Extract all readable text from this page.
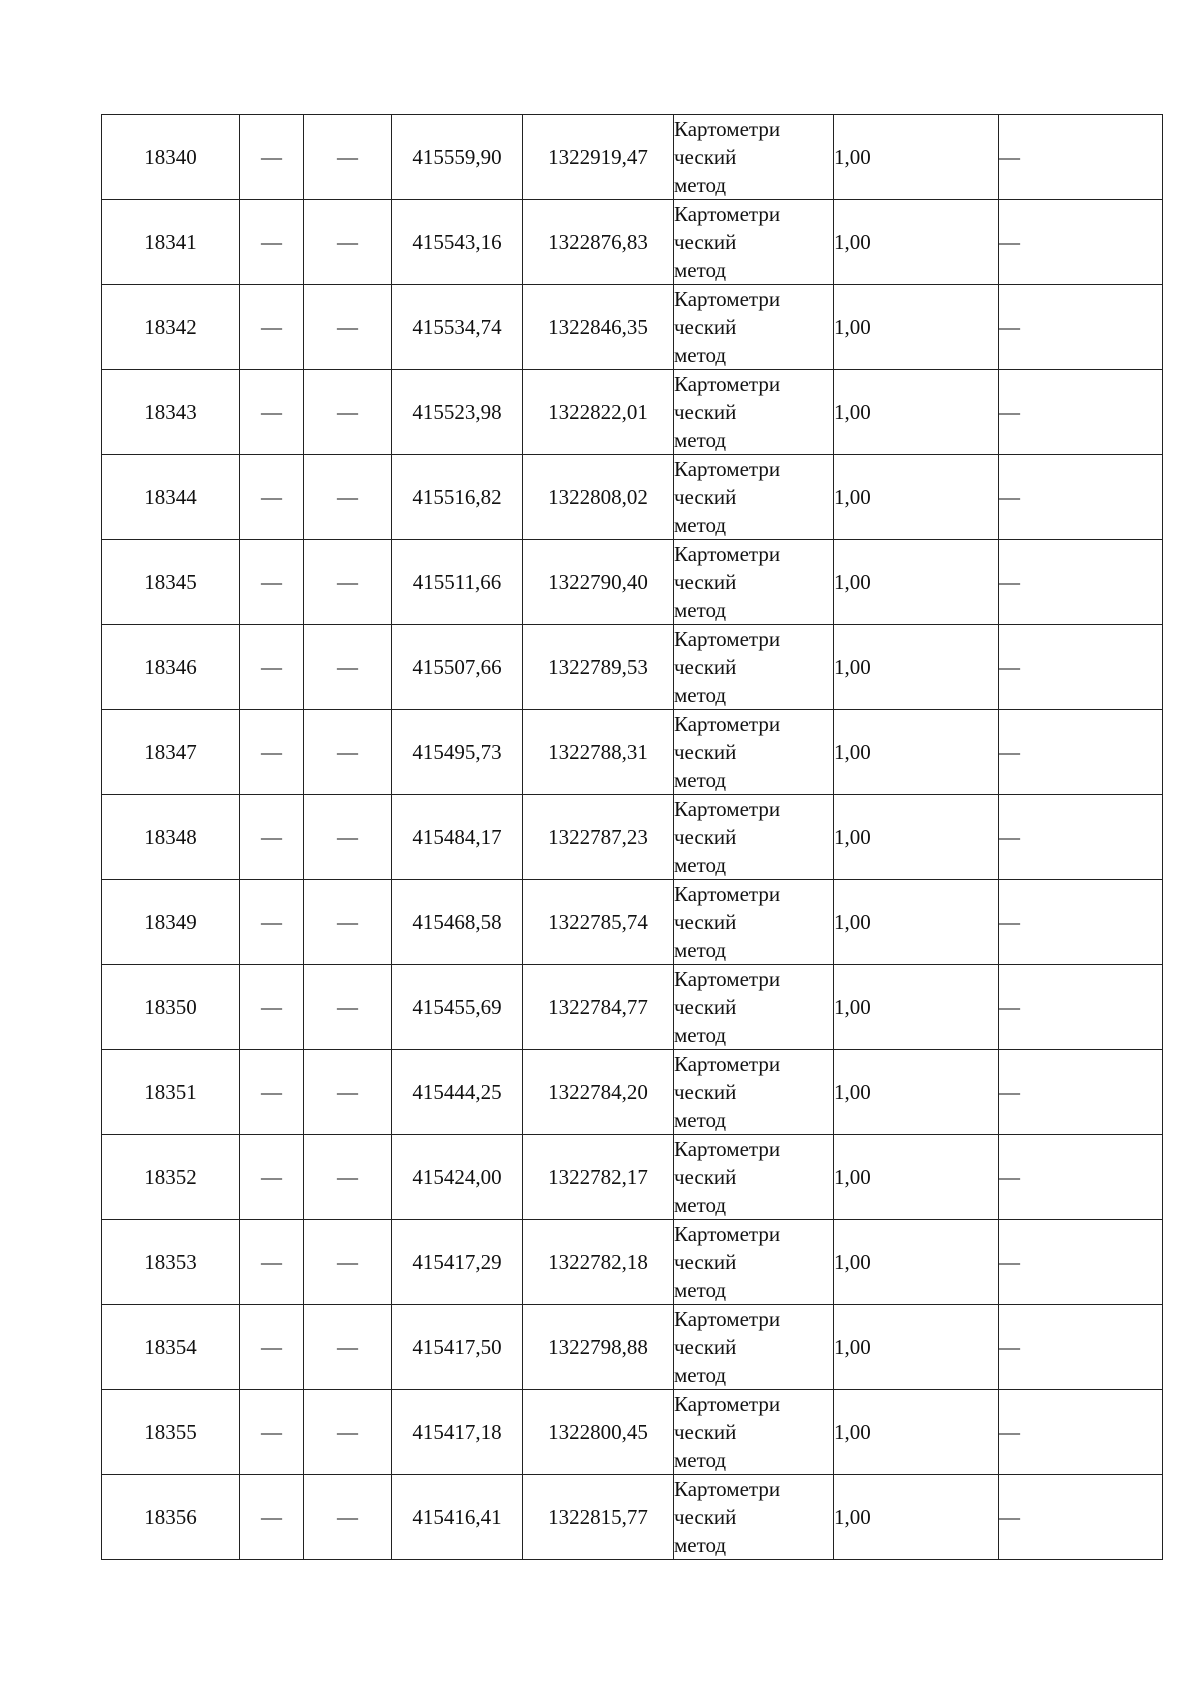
18340	—	—	415559,90	1322919,47	Картометри
ческий
метод	1,00	—
18341	—	—	415543,16	1322876,83	Картометри
ческий
метод	1,00	—
18342	—	—	415534,74	1322846,35	Картометри
ческий
метод	1,00	—
18343	—	—	415523,98	1322822,01	Картометри
ческий
метод	1,00	—
18344	—	—	415516,82	1322808,02	Картометри
ческий
метод	1,00	—
18345	—	—	415511,66	1322790,40	Картометри
ческий
метод	1,00	—
18346	—	—	415507,66	1322789,53	Картометри
ческий
метод	1,00	—
18347	—	—	415495,73	1322788,31	Картометри
ческий
метод	1,00	—
18348	—	—	415484,17	1322787,23	Картометри
ческий
метод	1,00	—
18349	—	—	415468,58	1322785,74	Картометри
ческий
метод	1,00	—
18350	—	—	415455,69	1322784,77	Картометри
ческий
метод	1,00	—
18351	—	—	415444,25	1322784,20	Картометри
ческий
метод	1,00	—
18352	—	—	415424,00	1322782,17	Картометри
ческий
метод	1,00	—
18353	—	—	415417,29	1322782,18	Картометри
ческий
метод	1,00	—
18354	—	—	415417,50	1322798,88	Картометри
ческий
метод	1,00	—
18355	—	—	415417,18	1322800,45	Картометри
ческий
метод	1,00	—
18356	—	—	415416,41	1322815,77	Картометри
ческий
метод	1,00	—
